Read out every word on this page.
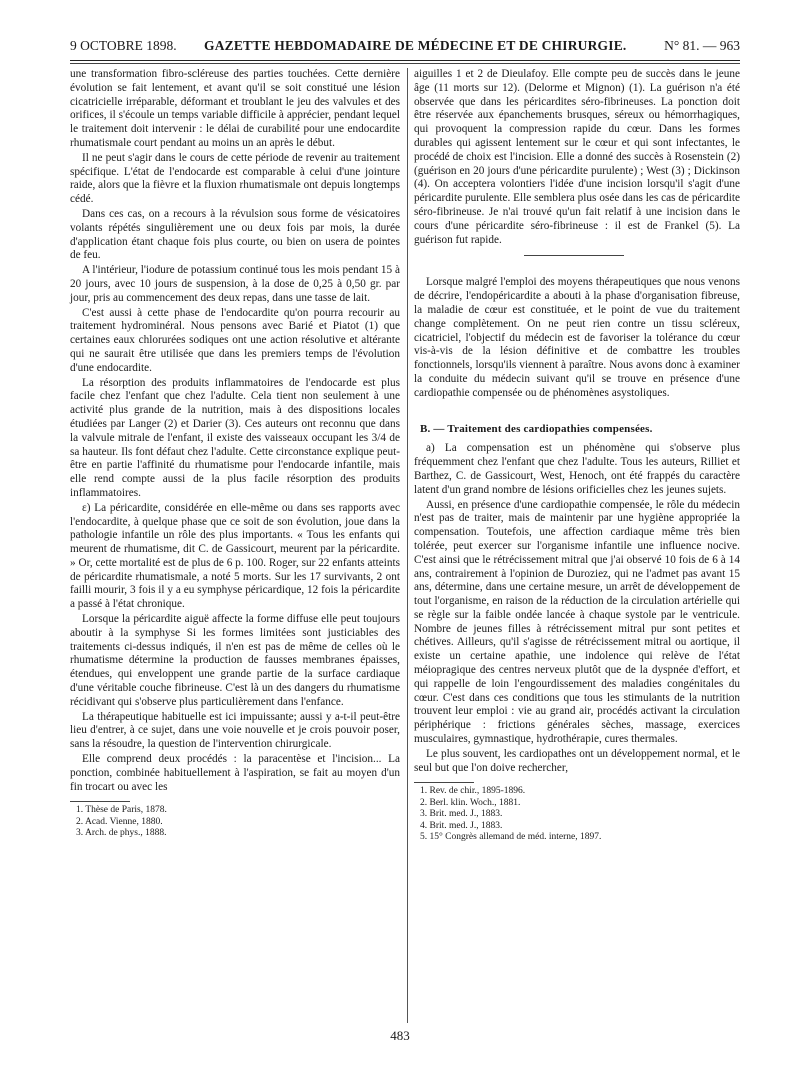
9 OCTOBRE 1898. GAZETTE HEBDOMADAIRE DE MÉDECINE ET DE CHIRURGIE.	N° 81. — 963

une transformation fibro-scléreuse des parties touchées. Cette dernière évolution se fait lentement, et avant qu'il se soit constitué une lésion cicatricielle irréparable, déformant et troublant le jeu des valvules et des orifices, il s'écoule un temps variable difficile à apprécier, pendant lequel le traitement doit intervenir : le délai de curabilité pour une endocardite rhumatismale court pendant au moins un an après le début.

Il ne peut s'agir dans le cours de cette période de revenir au traitement spécifique. L'état de l'endocarde est comparable à celui d'une jointure raide, alors que la fièvre et la fluxion rhumatismale ont depuis longtemps cédé.

Dans ces cas, on a recours à la révulsion sous forme de vésicatoires volants répétés singulièrement une ou deux fois par mois, la durée d'application étant chaque fois plus courte, ou bien on usera de pointes de feu.

A l'intérieur, l'iodure de potassium continué tous les mois pendant 15 à 20 jours, avec 10 jours de suspension, à la dose de 0,25 à 0,50 gr. par jour, pris au commencement des deux repas, dans une tasse de lait.

C'est aussi à cette phase de l'endocardite qu'on pourra recourir au traitement hydrominéral. Nous pensons avec Barié et Piatot (1) que certaines eaux chlorurées sodiques ont une action résolutive et altérante qui ne saurait être utilisée que dans les premiers temps de l'évolution d'une endocardite.

La résorption des produits inflammatoires de l'endocarde est plus facile chez l'enfant que chez l'adulte. Cela tient non seulement à une activité plus grande de la nutrition, mais à des dispositions locales étudiées par Langer (2) et Darier (3). Ces auteurs ont reconnu que dans la valvule mitrale de l'enfant, il existe des vaisseaux occupant les 3/4 de sa hauteur. Ils font défaut chez l'adulte. Cette circonstance explique peut-être en partie l'affinité du rhumatisme pour l'endocarde infantile, mais elle rend compte aussi de la plus facile résorption des produits inflammatoires.

ε) La péricardite, considérée en elle-même ou dans ses rapports avec l'endocardite, à quelque phase que ce soit de son évolution, joue dans la pathologie infantile un rôle des plus importants. « Tous les enfants qui meurent de rhumatisme, dit C. de Gassicourt, meurent par la péricardite. » Or, cette mortalité est de plus de 6 p. 100. Roger, sur 22 enfants atteints de péricardite rhumatismale, a noté 5 morts. Sur les 17 survivants, 2 ont failli mourir, 3 fois il y a eu symphyse péricardique, 12 fois la péricardite a passé à l'état chronique.

Lorsque la péricardite aiguë affecte la forme diffuse elle peut toujours aboutir à la symphyse Si les formes limitées sont justiciables des traitements ci-dessus indiqués, il n'en est pas de même de celles où le rhumatisme détermine la production de fausses membranes épaisses, étendues, qui enveloppent une grande partie de la surface cardiaque d'une véritable couche fibrineuse. C'est là un des dangers du rhumatisme récidivant qui s'observe plus particulièrement dans l'enfance.

La thérapeutique habituelle est ici impuissante; aussi y a-t-il peut-être lieu d'entrer, à ce sujet, dans une voie nouvelle et je crois pouvoir poser, sans la résoudre, la question de l'intervention chirurgicale.

Elle comprend deux procédés : la paracentèse et l'incision... La ponction, combinée habituellement à l'aspiration, se fait au moyen d'un fin trocart ou avec les

1. Thèse de Paris, 1878.
2. Acad. Vienne, 1880.
3. Arch. de phys., 1888.

aiguilles 1 et 2 de Dieulafoy. Elle compte peu de succès dans le jeune âge (11 morts sur 12). (Delorme et Mignon) (1). La guérison n'a été observée que dans les péricardites séro-fibrineuses. La ponction doit être réservée aux épanchements brusques, séreux ou hémorrhagiques, qui provoquent la compression rapide du cœur. Dans les formes durables qui agissent lentement sur le cœur et qui sont infectantes, le procédé de choix est l'incision. Elle a donné des succès à Rosenstein (2) (guérison en 20 jours d'une péricardite purulente) ; West (3) ; Dickinson (4). On acceptera volontiers l'idée d'une incision lorsqu'il s'agit d'une péricardite purulente. Elle semblera plus osée dans les cas de péricardite séro-fibrineuse. Je n'ai trouvé qu'un fait relatif à une incision dans le cours d'une péricardite séro-fibrineuse : il est de Frankel (5). La guérison fut rapide.

Lorsque malgré l'emploi des moyens thérapeutiques que nous venons de décrire, l'endopéricardite a abouti à la phase d'organisation fibreuse, la maladie de cœur est constituée, et le point de vue du traitement change complètement. On ne peut rien contre un tissu scléreux, cicatriciel, l'objectif du médecin est de favoriser la tolérance du cœur vis-à-vis de la lésion définitive et de combattre les troubles fonctionnels, lorsqu'ils viennent à paraître. Nous avons donc à examiner la conduite du médecin suivant qu'il se trouve en présence d'une cardiopathie compensée ou de phénomènes asystoliques.

B. — Traitement des cardiopathies compensées.

a) La compensation est un phénomène qui s'observe plus fréquemment chez l'enfant que chez l'adulte. Tous les auteurs, Rilliet et Barthez, C. de Gassicourt, West, Henoch, ont été frappés du caractère latent d'un grand nombre de lésions orificielles chez les jeunes sujets.

Aussi, en présence d'une cardiopathie compensée, le rôle du médecin n'est pas de traiter, mais de maintenir par une hygiène appropriée la compensation. Toutefois, une affection cardiaque même très bien tolérée, peut exercer sur l'organisme infantile une influence nocive. C'est ainsi que le rétrécissement mitral que j'ai observé 10 fois de 6 à 14 ans, contrairement à l'opinion de Duroziez, qui ne l'admet pas avant 15 ans, détermine, dans une certaine mesure, un arrêt de développement de tout l'organisme, en raison de la réduction de la circulation artérielle qui se règle sur la faible ondée lancée à chaque systole par le ventricule. Nombre de jeunes filles à rétrécissement mitral pur sont petites et chétives. Ailleurs, qu'il s'agisse de rétrécissement mitral ou aortique, il existe un certaine apathie, une indolence qui relève de l'état méiopragique des centres nerveux plutôt que de la dyspnée d'effort, et qui rappelle de loin l'engourdissement des maladies congénitales du cœur. C'est dans ces conditions que tous les stimulants de la nutrition trouvent leur emploi : vie au grand air, procédés activant la circulation périphérique : frictions générales sèches, massage, exercices musculaires, gymnastique, hydrothérapie, cures thermales.

Le plus souvent, les cardiopathes ont un développement normal, et le seul but que l'on doive rechercher,

1. Rev. de chir., 1895-1896.
2. Berl. klin. Woch., 1881.
3. Brit. med. J., 1883.
4. Brit. med. J., 1883.
5. 15° Congrès allemand de méd. interne, 1897.
483
